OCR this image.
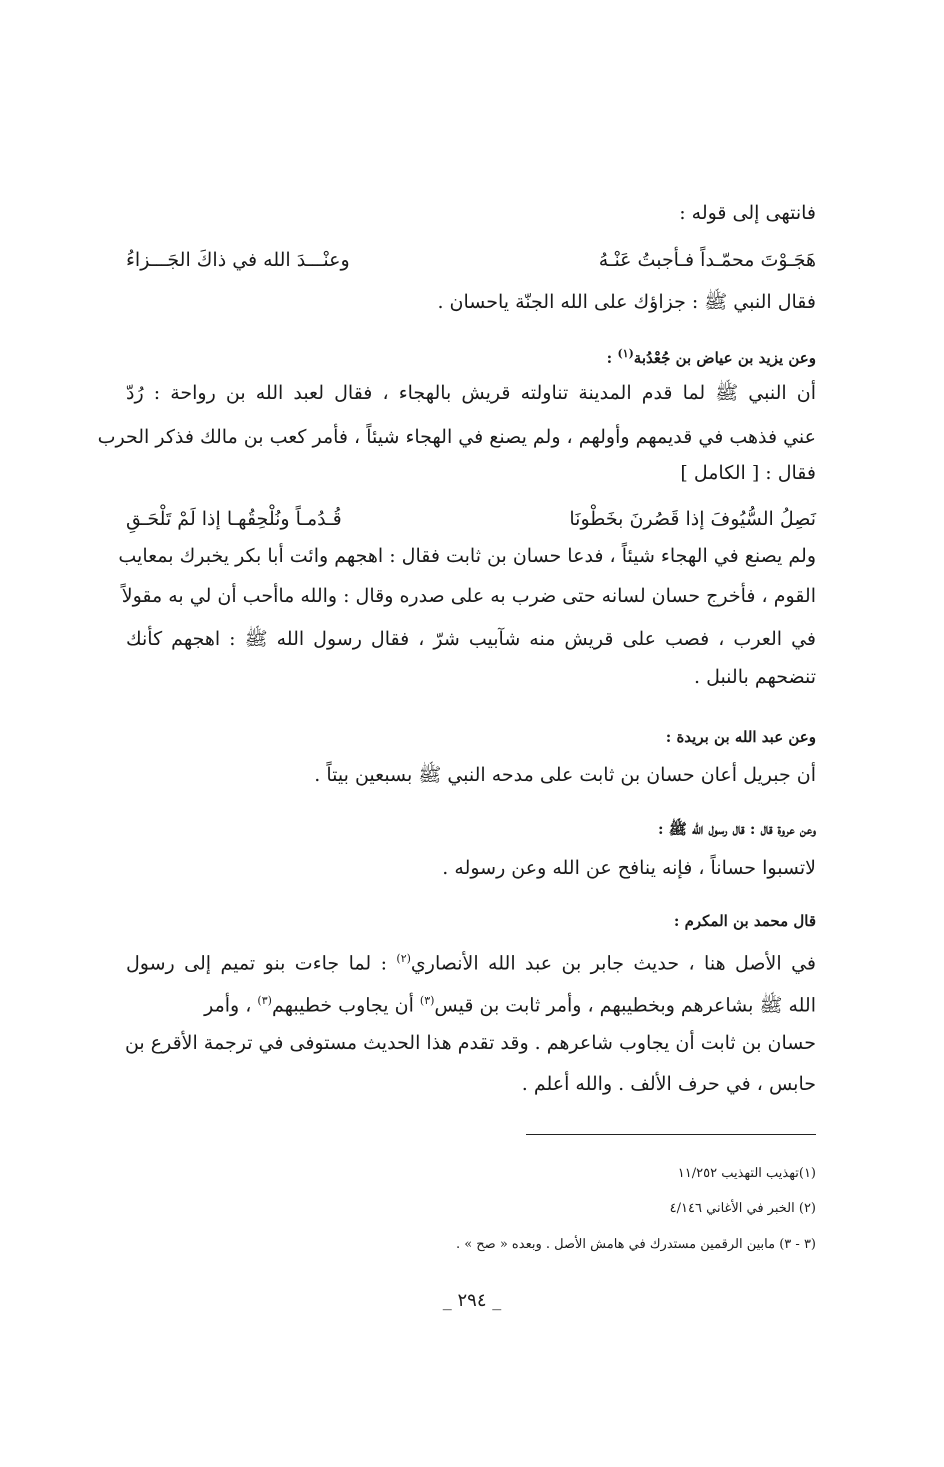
فانتهى إلى قوله :
هَجَـوْتَ محمّـداً فـأجبتُ عَنْـهُ
وعنْـــدَ الله في ذاكَ الجَـــزاءُ
فقال النبي ﷺ : جزاؤك على الله الجنّة ياحسان .
وعن يزيد بن عياض بن جُعْدُبة$^{(١)}$ :
أن النبي ﷺ لما قدم المدينة تناولته قريش بالهجاء ، فقال لعبد الله بن رواحة : رُدّ
عني فذهب في قديمهم وأولهم ، ولم يصنع في الهجاء شيئاً ، فأمر كعب بن مالك فذكر الحرب
فقال : [ الكامل ]
نَصِلُ السُّيُوفَ إذا قَصُرنَ بخَطْونَا
قُـدُمـاً ونُلْحِقُهـا إذا لَمْ تَلْحَـقِ
ولم يصنع في الهجاء شيئاً ، فدعا حسان بن ثابت فقال : اهجهم وائت أبا بكر يخبرك بمعايب
القوم ، فأخرج حسان لسانه حتى ضرب به على صدره وقال : والله ماأحب أن لي به مقولاً
في العرب ، فصب على قريش منه شآبيب شرّ ، فقال رسول الله ﷺ : اهجهم كأنك
تنضحهم بالنبل .
وعن عبد الله بن بريدة :
أن جبريل أعان حسان بن ثابت على مدحه النبي ﷺ بسبعين بيتاً .
وعن عروة قال : قال رسول الله ﷺ :
لاتسبوا حساناً ، فإنه ينافح عن الله وعن رسوله .
قال محمد بن المكرم :
في الأصل هنا ، حديث جابر بن عبد الله الأنصاري$^{(٢)}$ : لما جاءت بنو تميم إلى رسول
الله ﷺ بشاعرهم وبخطيبهم ، وأمر ثابت بن قيس$^{(٣)}$ أن يجاوب خطيبهم$^{(٣)}$ ، وأمر
حسان بن ثابت أن يجاوب شاعرهم . وقد تقدم هذا الحديث مستوفى في ترجمة الأقرع بن
حابس ، في حرف الألف . والله أعلم .
(١)تهذيب التهذيب ١١/٢٥٢
(٢) الخبر في الأغاني ٤/١٤٦
(٣ - ٣) مابين الرقمين مستدرك في هامش الأصل . وبعده « صح » .
_ ٢٩٤ _
